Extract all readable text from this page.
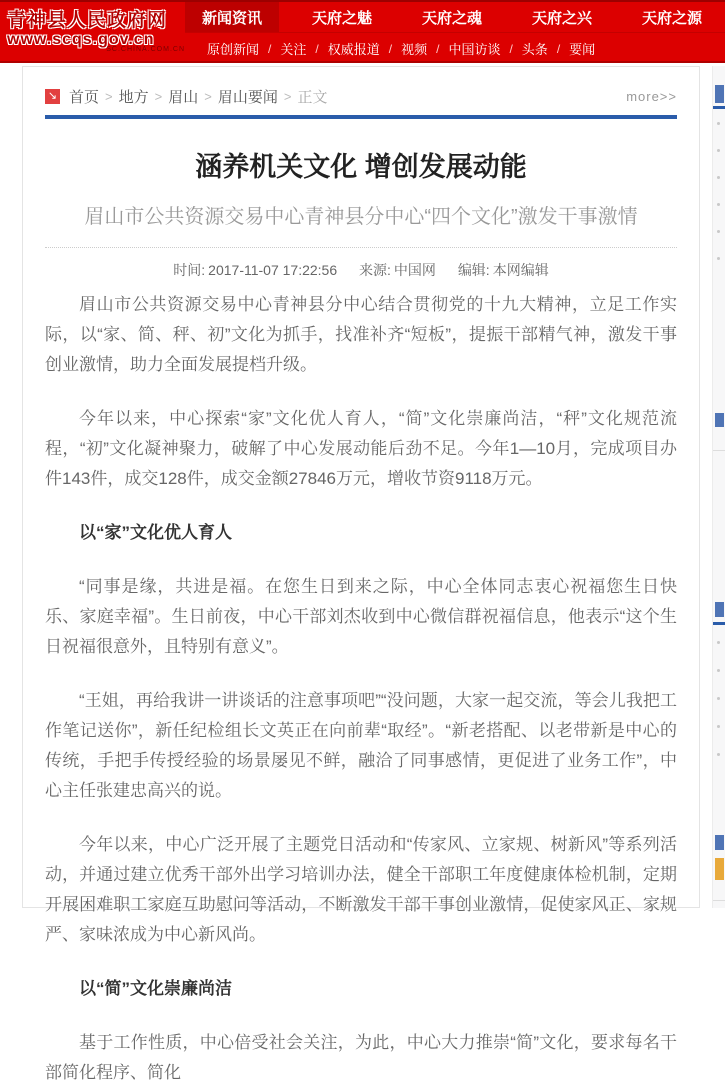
青神县人民政府网
www.scqs.gov.cn
SC.CHINA.COM.CN
新闻资讯	天府之魅	天府之魂	天府之兴	天府之源
原创新闻 / 关注 / 权威报道 / 视频 / 中国访谈 / 头条 / 要闻
↘ 首页 > 地方 > 眉山 > 眉山要闻 > 正文	more>>
涵养机关文化 增创发展动能
眉山市公共资源交易中心青神县分中心“四个文化”激发干事激情
时间: 2017-11-07 17:22:56 来源: 中国网 编辑: 本网编辑

眉山市公共资源交易中心青神县分中心结合贯彻党的十九大精神，立足工作实际，以“家、简、秤、初”文化为抓手，找准补齐“短板”，提振干部精气神，激发干事创业激情，助力全面发展提档升级。

今年以来，中心探索“家”文化优人育人，“简”文化崇廉尚洁，“秤”文化规范流程，“初”文化凝神聚力，破解了中心发展动能后劲不足。今年1—10月，完成项目办件143件，成交128件，成交金额27846万元，增收节资9118万元。

以“家”文化优人育人

“同事是缘，共进是福。在您生日到来之际，中心全体同志衷心祝福您生日快乐、家庭幸福”。生日前夜，中心干部刘杰收到中心微信群祝福信息，他表示“这个生日祝福很意外，且特别有意义”。

“王姐，再给我讲一讲谈话的注意事项吧”“没问题，大家一起交流，等会儿我把工作笔记送你”，新任纪检组长文英正在向前辈“取经”。“新老搭配、以老带新是中心的传统，手把手传授经验的场景屡见不鲜，融洽了同事感情，更促进了业务工作”，中心主任张建忠高兴的说。

今年以来，中心广泛开展了主题党日活动和“传家风、立家规、树新风”等系列活动，并通过建立优秀干部外出学习培训办法，健全干部职工年度健康体检机制，定期开展困难职工家庭互助慰问等活动，不断激发干部干事创业激情，促使家风正、家规严、家味浓成为中心新风尚。

以“简”文化崇廉尚洁

基于工作性质，中心倍受社会关注，为此，中心大力推崇“简”文化，要求每名干部简化程序、简化
